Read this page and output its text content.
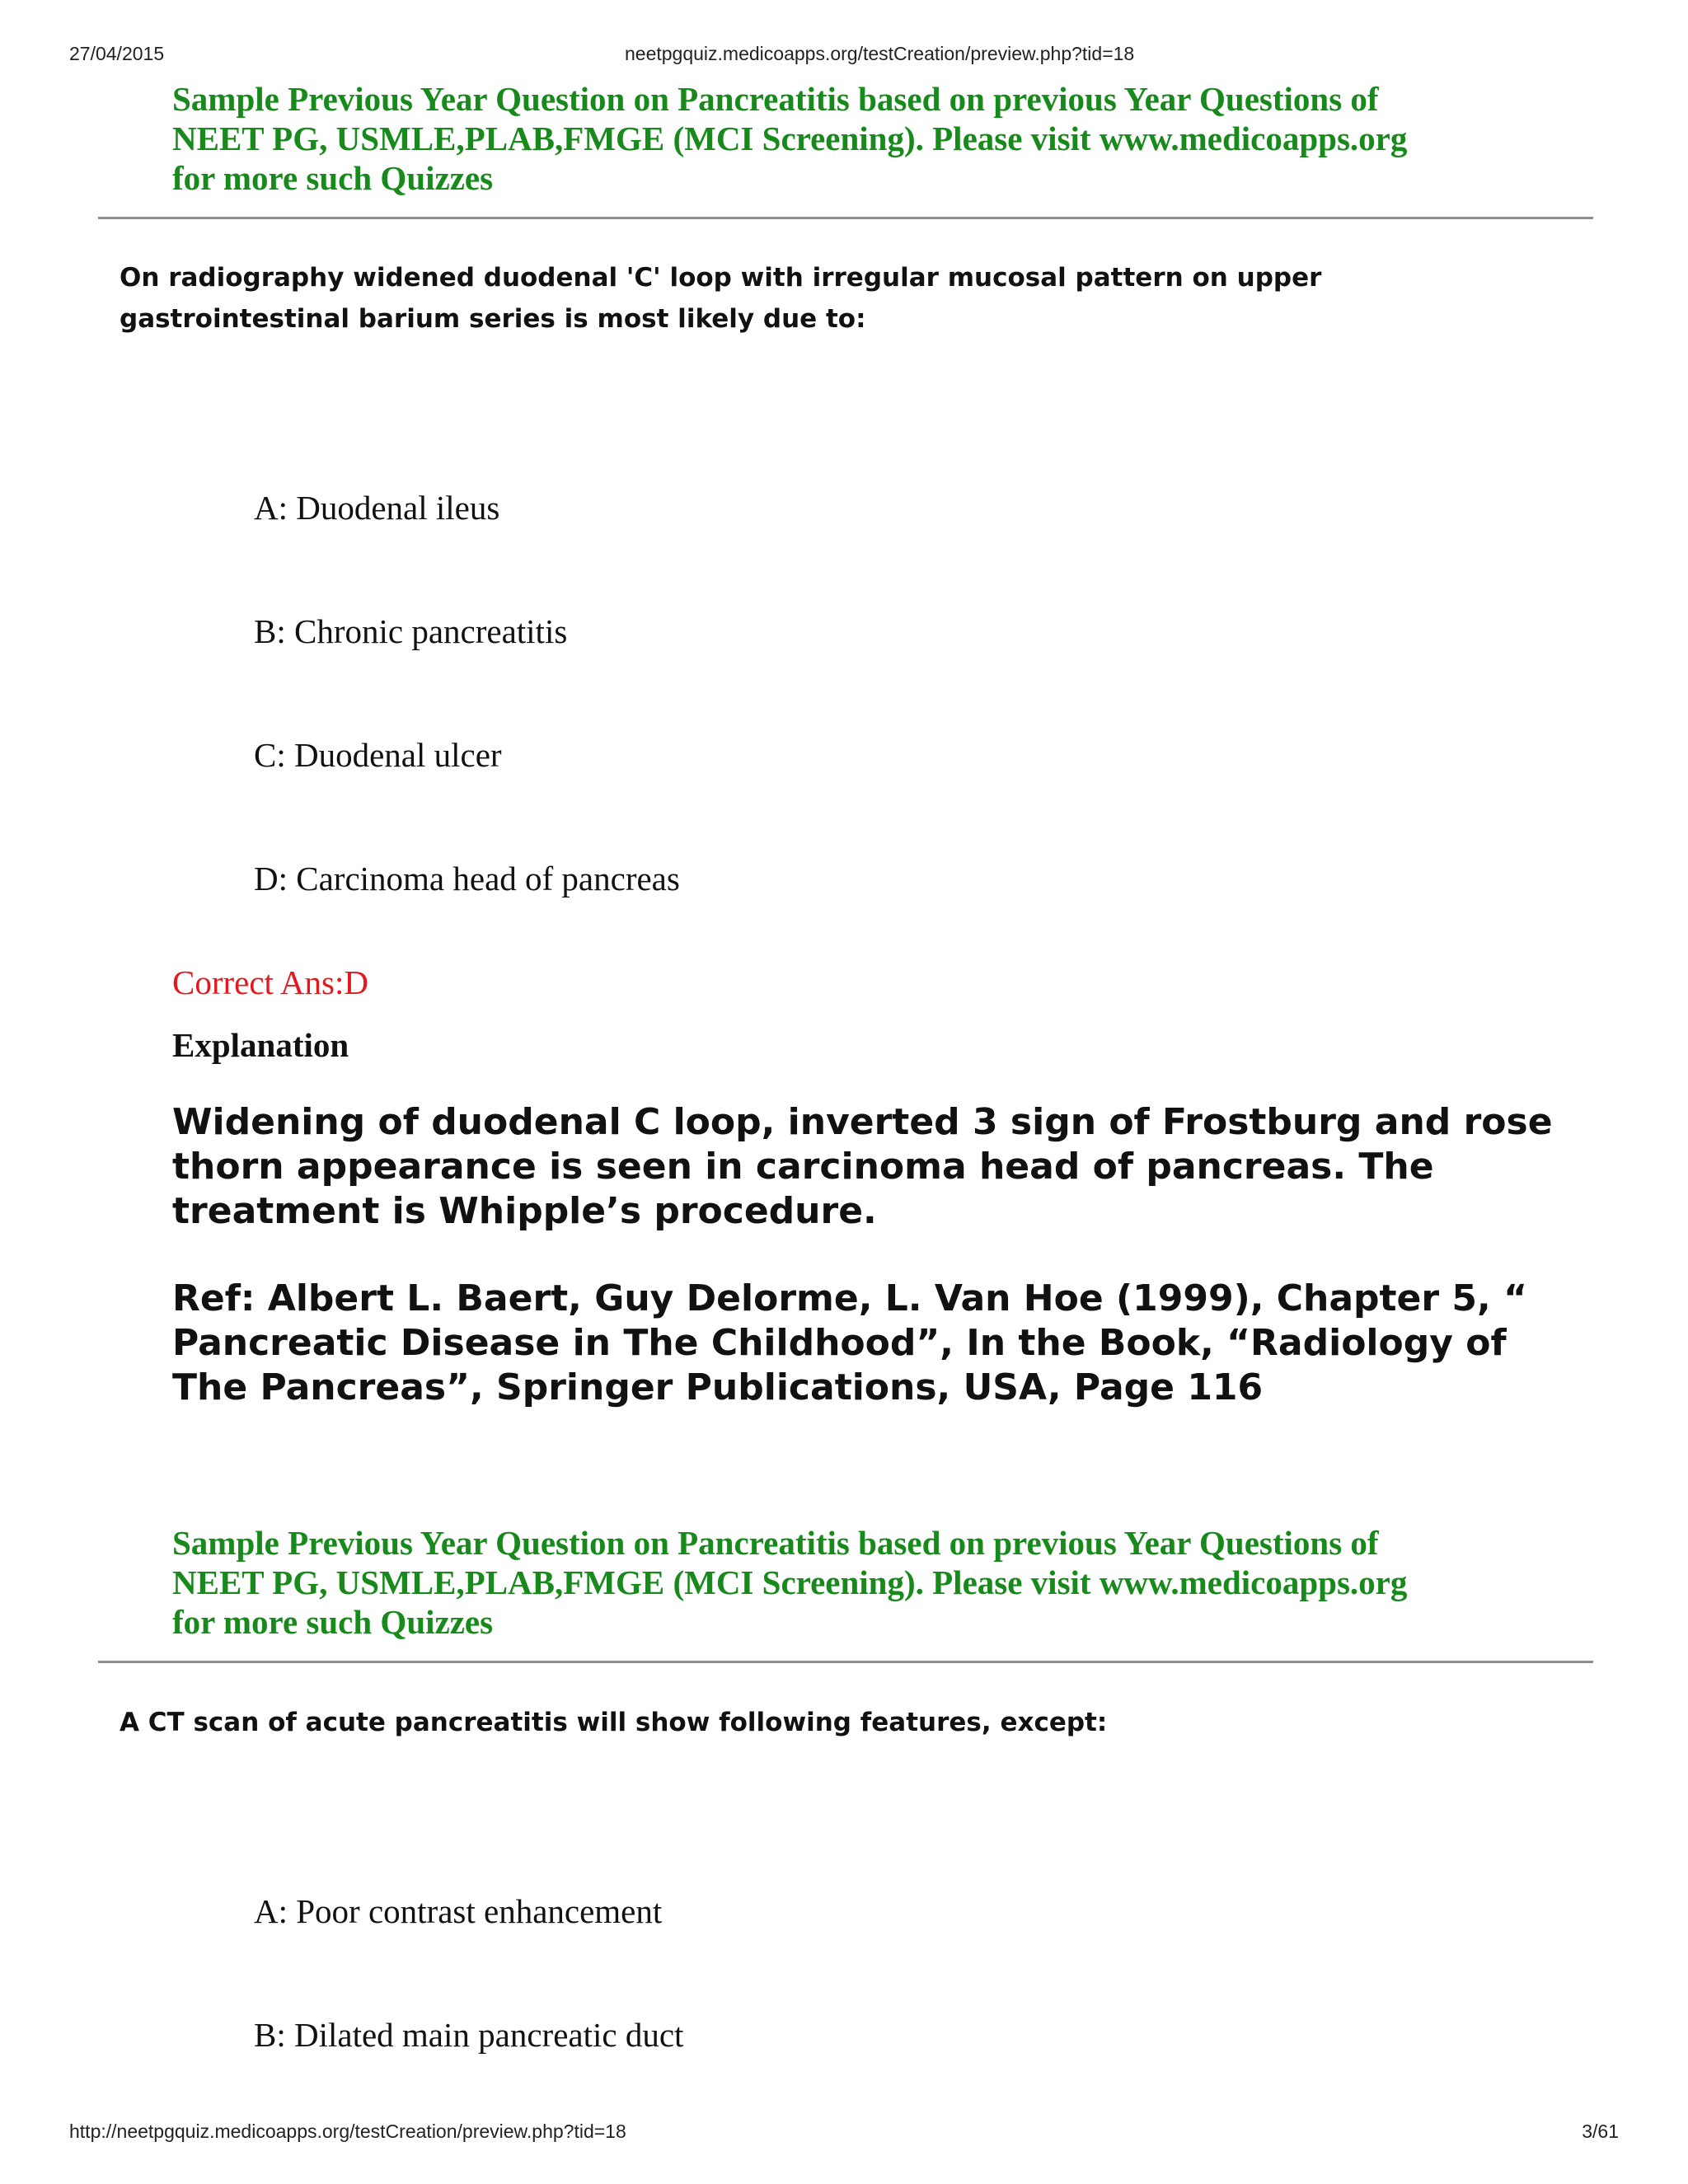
27/04/2015	neetpgquiz.medicoapps.org/testCreation/preview.php?tid=18
Sample Previous Year Question on Pancreatitis based on previous Year Questions of
NEET PG, USMLE,PLAB,FMGE (MCI Screening). Please visit www.medicoapps.org
for more such Quizzes
On radiography widened duodenal 'C' loop with irregular mucosal pattern on upper
gastrointestinal barium series is most likely due to:
A: Duodenal ileus
B: Chronic pancreatitis
C: Duodenal ulcer
D: Carcinoma head of pancreas
Correct Ans:D
Explanation
Widening of duodenal C loop, inverted 3 sign of Frostburg and rose
thorn appearance is seen in carcinoma head of pancreas. The
treatment is Whipple’s procedure.
Ref: Albert L. Baert, Guy Delorme, L. Van Hoe (1999), Chapter 5, “
Pancreatic Disease in The Childhood”, In the Book, “Radiology of
The Pancreas”, Springer Publications, USA, Page 116
Sample Previous Year Question on Pancreatitis based on previous Year Questions of
NEET PG, USMLE,PLAB,FMGE (MCI Screening). Please visit www.medicoapps.org
for more such Quizzes
A CT scan of acute pancreatitis will show following features, except:
A: Poor contrast enhancement
B: Dilated main pancreatic duct
http://neetpgquiz.medicoapps.org/testCreation/preview.php?tid=18	3/61
